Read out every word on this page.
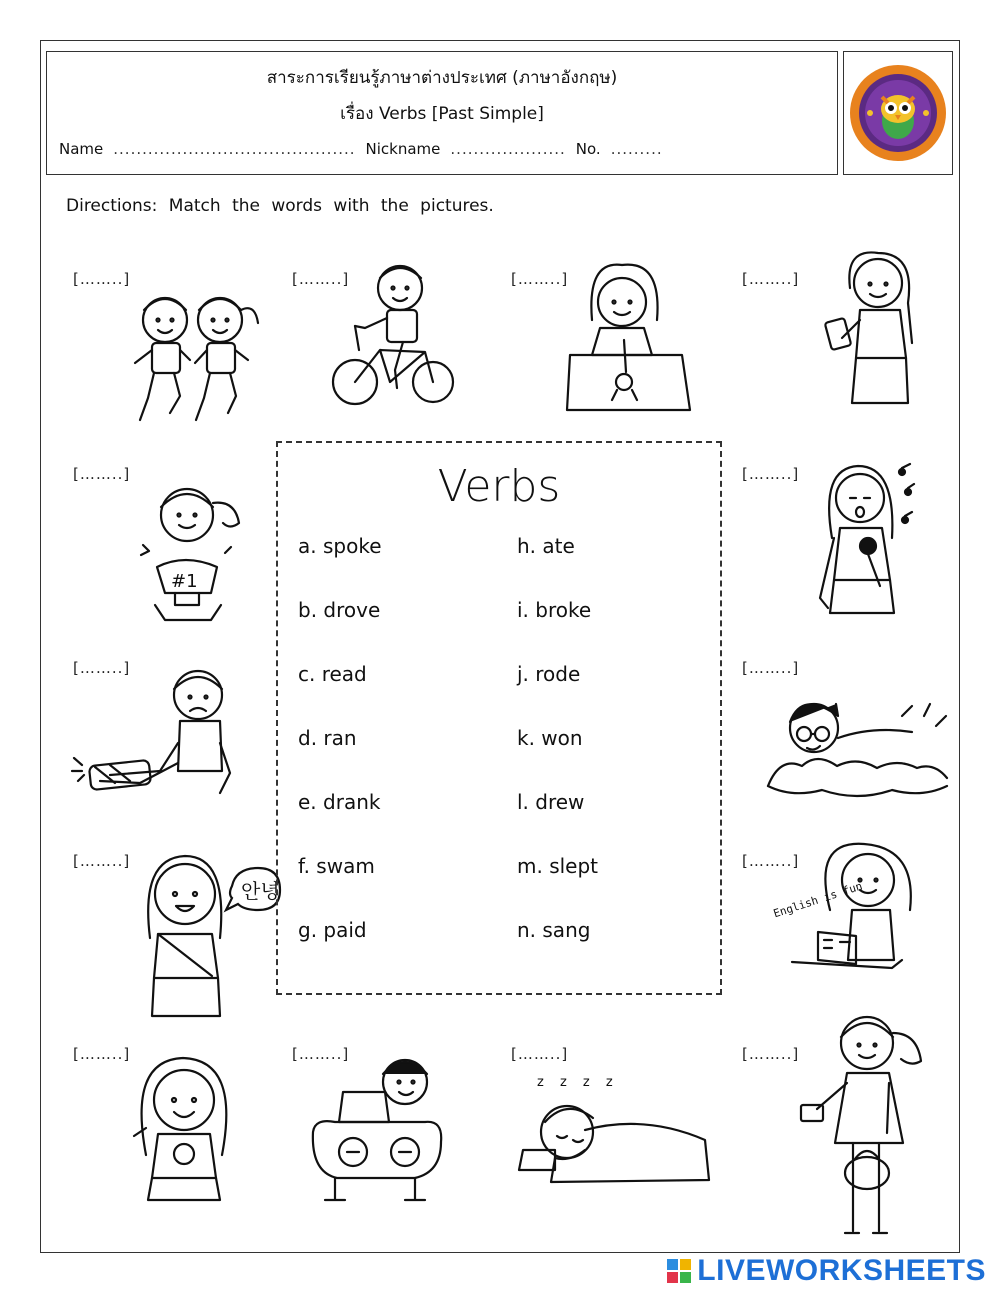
สาระการเรียนรู้ภาษาต่างประเทศ (ภาษาอังกฤษ)
เรื่อง Verbs [Past Simple]
Name .......................................... Nickname .................... No. .........
Directions: Match the words with the pictures.
[……..]	[……..]	[……..]	[……..]
[……..]	[……..]
[……..]	[……..]
[……..]	[……..]
[……..]	[……..]	[……..]	[……..]
#1
안녕	English is fun
z z z z
Verbs
a. spoke
b. drove
c. read
d. ran
e. drank
f. swam
g. paid
h. ate
i. broke
j. rode
k. won
l. drew
m. slept
n. sang
LIVEWORKSHEETS
